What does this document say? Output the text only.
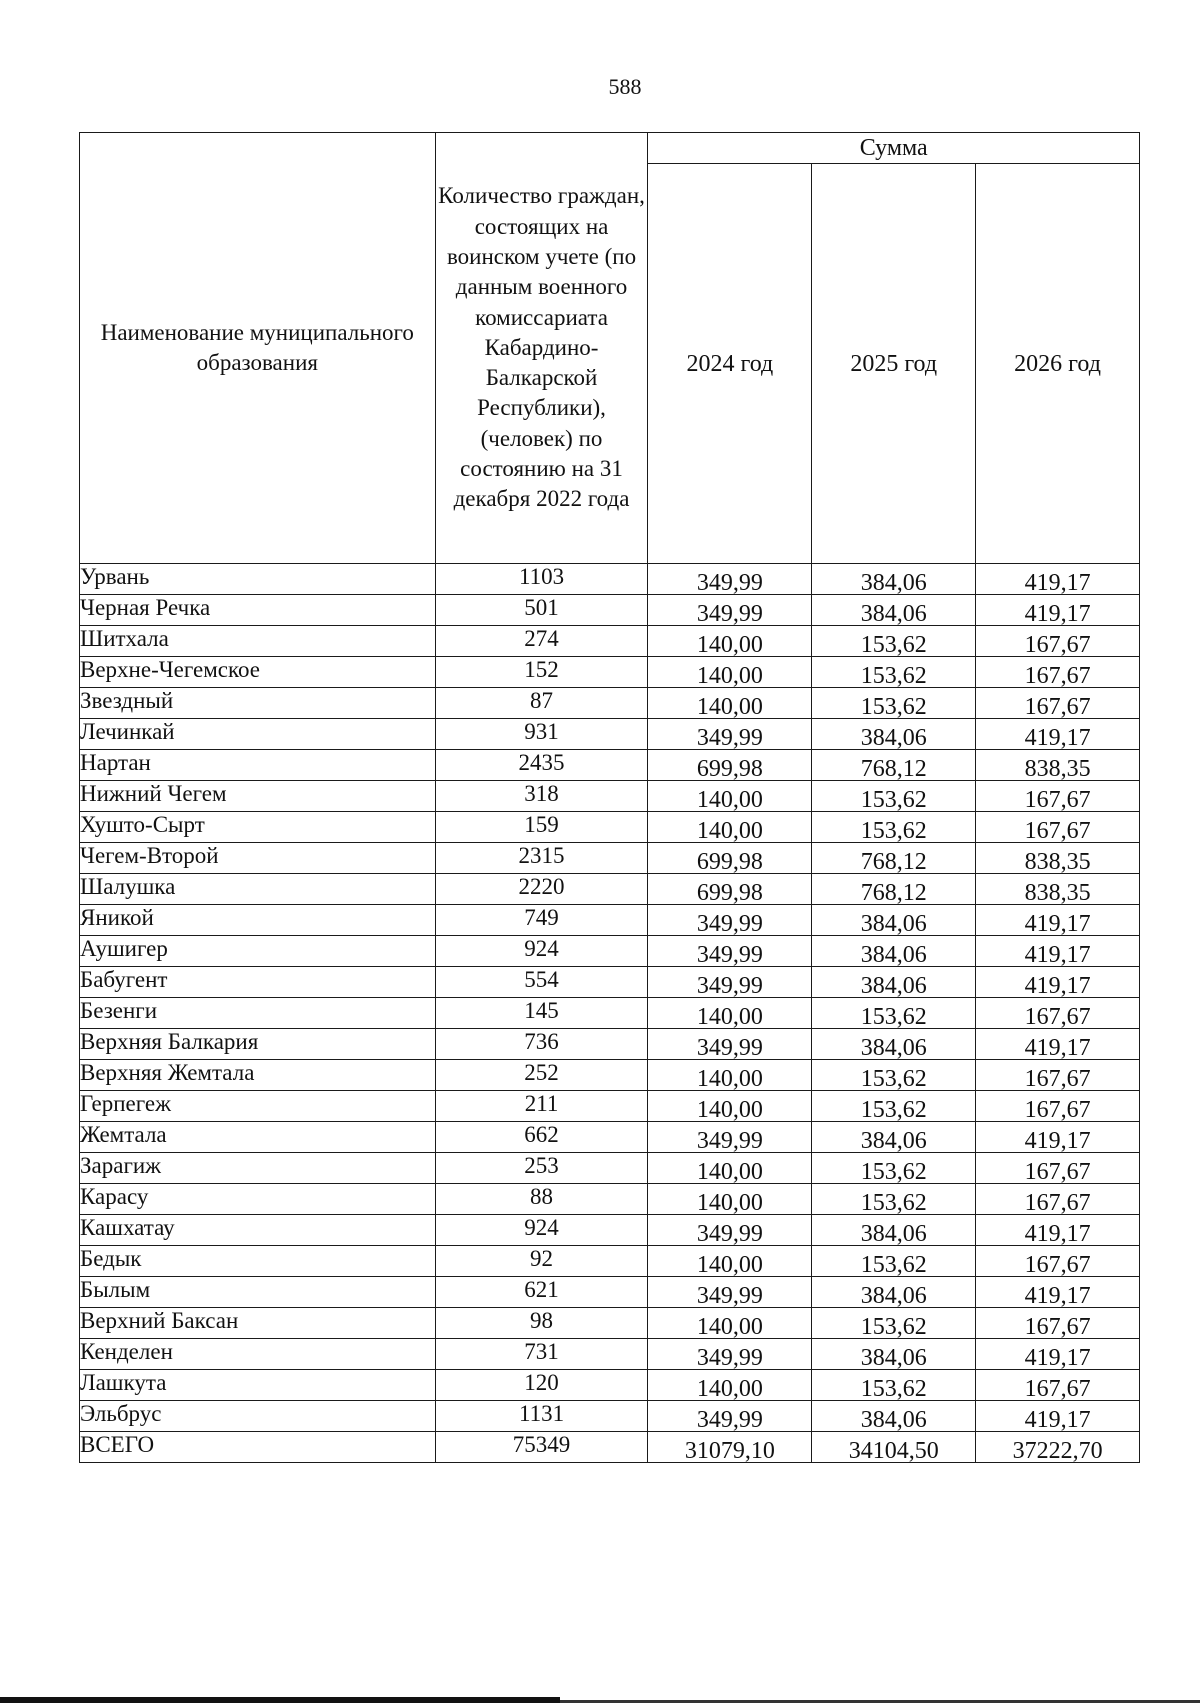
588
Наименование муниципального образования	Количество граждан, состоящих на воинском учете (по данным военного комиссариата Кабардино-Балкарской Республики), (человек) по состоянию на 31 декабря 2022 года	Сумма		
		2024 год	2025 год	2026 год
Урвань	1103	349,99	384,06	419,17
Черная Речка	501	349,99	384,06	419,17
Шитхала	274	140,00	153,62	167,67
Верхне-Чегемское	152	140,00	153,62	167,67
Звездный	87	140,00	153,62	167,67
Лечинкай	931	349,99	384,06	419,17
Нартан	2435	699,98	768,12	838,35
Нижний Чегем	318	140,00	153,62	167,67
Хушто-Сырт	159	140,00	153,62	167,67
Чегем-Второй	2315	699,98	768,12	838,35
Шалушка	2220	699,98	768,12	838,35
Яникой	749	349,99	384,06	419,17
Аушигер	924	349,99	384,06	419,17
Бабугент	554	349,99	384,06	419,17
Безенги	145	140,00	153,62	167,67
Верхняя Балкария	736	349,99	384,06	419,17
Верхняя Жемтала	252	140,00	153,62	167,67
Герпегеж	211	140,00	153,62	167,67
Жемтала	662	349,99	384,06	419,17
Зарагиж	253	140,00	153,62	167,67
Карасу	88	140,00	153,62	167,67
Кашхатау	924	349,99	384,06	419,17
Бедык	92	140,00	153,62	167,67
Былым	621	349,99	384,06	419,17
Верхний Баксан	98	140,00	153,62	167,67
Кенделен	731	349,99	384,06	419,17
Лашкута	120	140,00	153,62	167,67
Эльбрус	1131	349,99	384,06	419,17
ВСЕГО	75349	31079,10	34104,50	37222,70
